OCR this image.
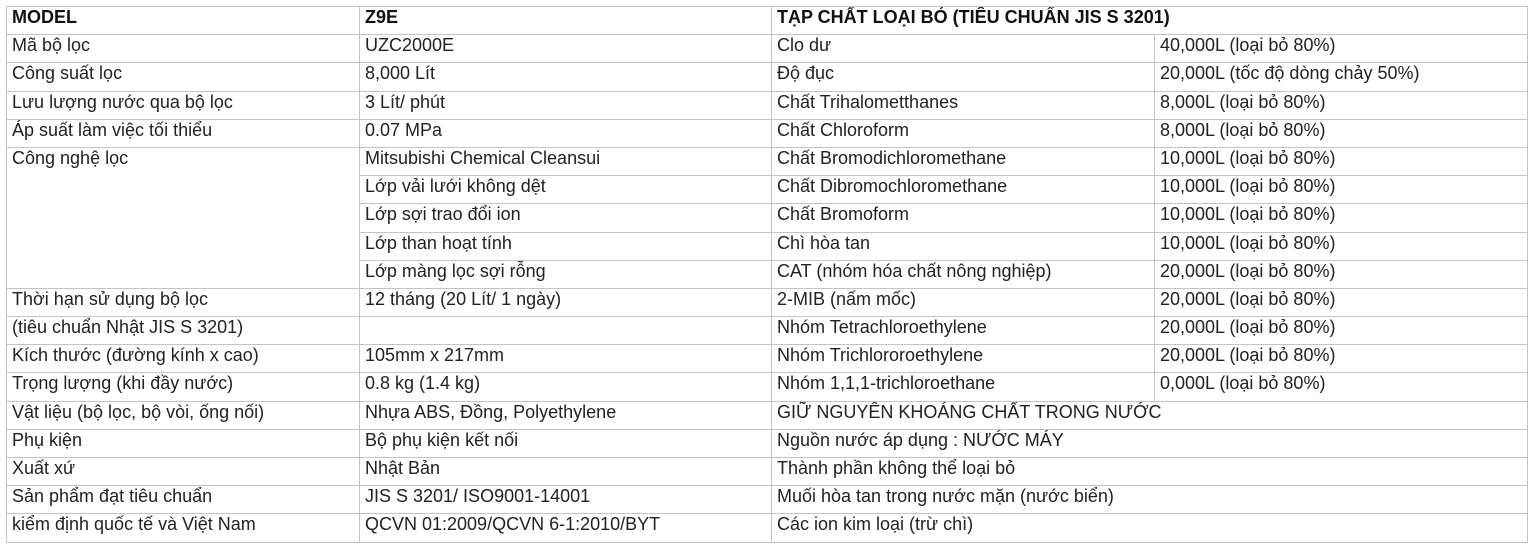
MODEL	Z9E	TẠP CHẤT LOẠI BỎ (TIÊU CHUẨN JIS S 3201)	
Mã bộ lọc	UZC2000E	Clo dư	40,000L (loại bỏ 80%)
Công suất lọc	8,000 Lít	Độ đục	20,000L (tốc độ dòng chảy 50%)
Lưu lượng nước qua bộ lọc	3 Lít/ phút	Chất Trihalometthanes	8,000L (loại bỏ 80%)
Áp suất làm việc tối thiểu	0.07 MPa	Chất Chloroform	8,000L (loại bỏ 80%)
Công nghệ lọc	Mitsubishi Chemical Cleansui	Chất Bromodichloromethane	10,000L (loại bỏ 80%)
	Lớp vải lưới không dệt	Chất Dibromochloromethane	10,000L (loại bỏ 80%)
	Lớp sợi trao đổi ion	Chất Bromoform	10,000L (loại bỏ 80%)
	Lớp than hoạt tính	Chì hòa tan	10,000L (loại bỏ 80%)
	Lớp màng lọc sợi rỗng	CAT (nhóm hóa chất nông nghiệp)	20,000L (loại bỏ 80%)
Thời hạn sử dụng bộ lọc	12 tháng (20 Lít/ 1 ngày)	2-MIB (nấm mốc)	20,000L (loại bỏ 80%)
(tiêu chuẩn Nhật JIS S 3201)		Nhóm Tetrachloroethylene	20,000L (loại bỏ 80%)
Kích thước (đường kính x cao)	105mm x 217mm	Nhóm Trichlororoethylene	20,000L (loại bỏ 80%)
Trọng lượng (khi đầy nước)	0.8 kg (1.4 kg)	Nhóm 1,1,1-trichloroethane	0,000L (loại bỏ 80%)
Vật liệu (bộ lọc, bộ vòi, ống nối)	Nhựa ABS, Đồng, Polyethylene	GIỮ NGUYÊN KHOÁNG CHẤT TRONG NƯỚC	
Phụ kiện	Bộ phụ kiện kết nối	Nguồn nước áp dụng : NƯỚC MÁY	
Xuất xứ	Nhật Bản	Thành phần không thể loại bỏ	
Sản phẩm đạt tiêu chuẩn	JIS S 3201/ ISO9001-14001	Muối hòa tan trong nước mặn (nước biển)	
kiểm định quốc tế và Việt Nam	QCVN 01:2009/QCVN 6-1:2010/BYT	Các ion kim loại (trừ chì)	
